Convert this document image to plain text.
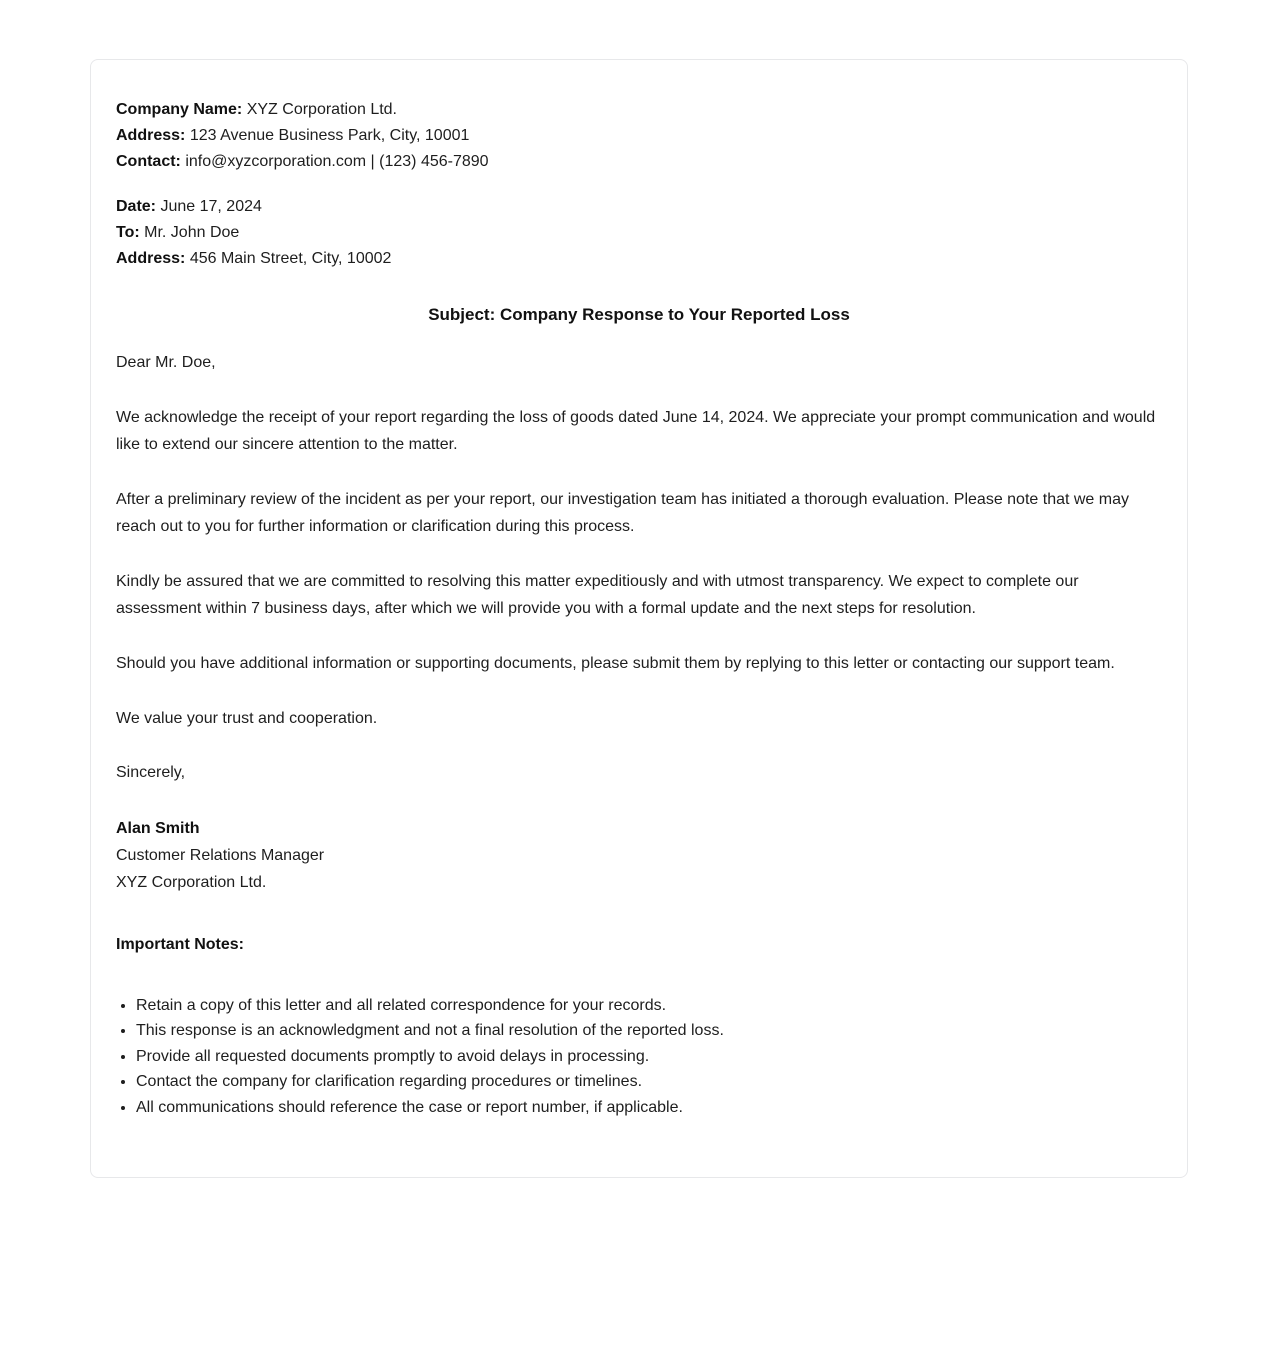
Company Name: XYZ Corporation Ltd.

Address: 123 Avenue Business Park, City, 10001

Contact: info@xyzcorporation.com | (123) 456-7890

Date: June 17, 2024

To: Mr. John Doe

Address: 456 Main Street, City, 10002

Subject: Company Response to Your Reported Loss

Dear Mr. Doe,

We acknowledge the receipt of your report regarding the loss of goods dated June 14, 2024. We appreciate your prompt communication and would like to extend our sincere attention to the matter.

After a preliminary review of the incident as per your report, our investigation team has initiated a thorough evaluation. Please note that we may reach out to you for further information or clarification during this process.

Kindly be assured that we are committed to resolving this matter expeditiously and with utmost transparency. We expect to complete our assessment within 7 business days, after which we will provide you with a formal update and the next steps for resolution.

Should you have additional information or supporting documents, please submit them by replying to this letter or contacting our support team.

We value your trust and cooperation.

Sincerely,

Alan Smith

Customer Relations Manager

XYZ Corporation Ltd.

Important Notes:

• Retain a copy of this letter and all related correspondence for your records.
• This response is an acknowledgment and not a final resolution of the reported loss.
• Provide all requested documents promptly to avoid delays in processing.
• Contact the company for clarification regarding procedures or timelines.
• All communications should reference the case or report number, if applicable.
